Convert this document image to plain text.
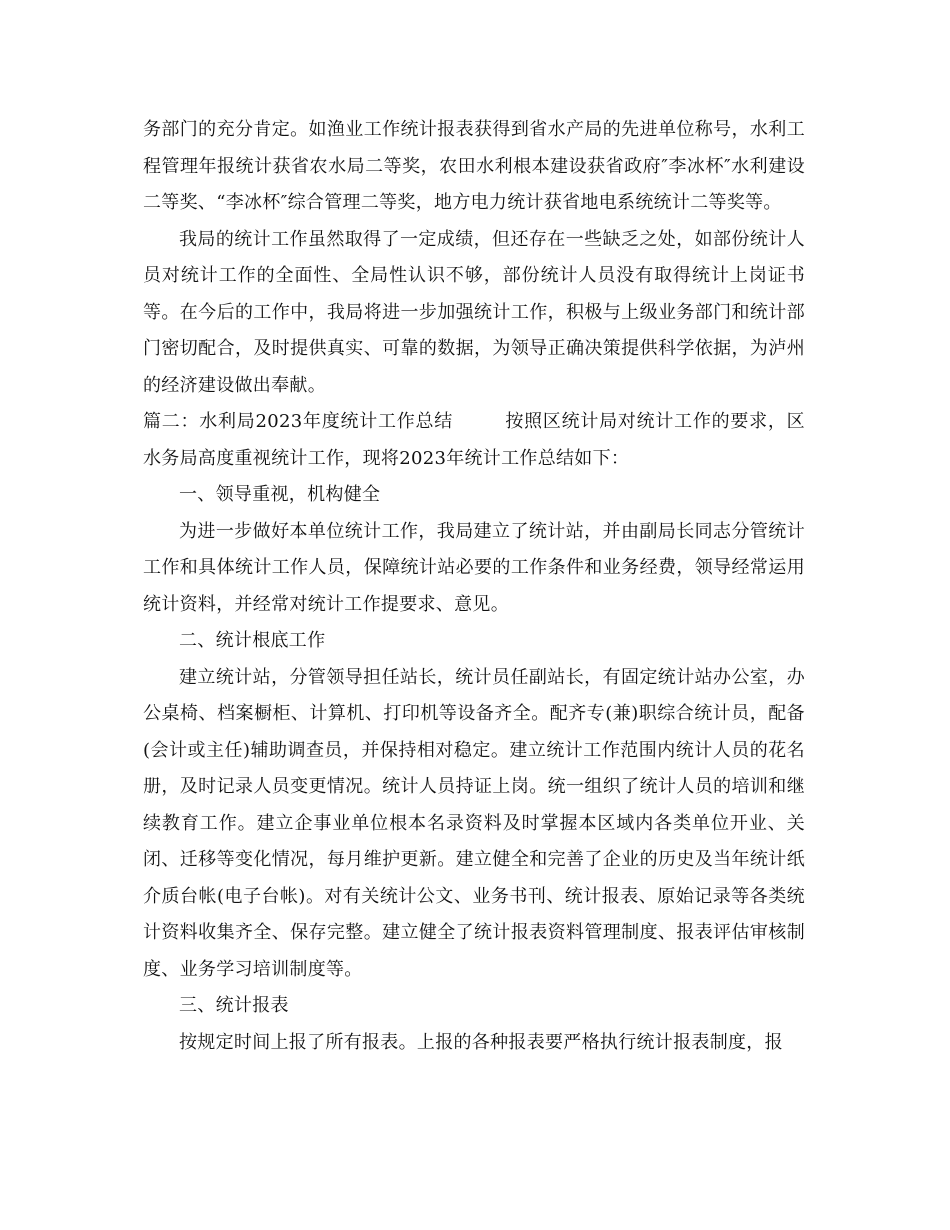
务部门的充分肯定。如渔业工作统计报表获得到省水产局的先进单位称号，水利工程管理年报统计获省农水局二等奖，农田水利根本建设获省政府″李冰杯″水利建设二等奖、“李冰杯″综合管理二等奖，地方电力统计获省地电系统统计二等奖等。

我局的统计工作虽然取得了一定成绩，但还存在一些缺乏之处，如部份统计人员对统计工作的全面性、全局性认识不够，部份统计人员没有取得统计上岗证书等。在今后的工作中，我局将进一步加强统计工作，积极与上级业务部门和统计部门密切配合，及时提供真实、可靠的数据，为领导正确决策提供科学依据，为泸州的经济建设做出奉献。

篇二：水利局2023年度统计工作总结	按照区统计局对统计工作的要求，区水务局高度重视统计工作，现将2023年统计工作总结如下：

一、领导重视，机构健全

为进一步做好本单位统计工作，我局建立了统计站，并由副局长同志分管统计工作和具体统计工作人员，保障统计站必要的工作条件和业务经费，领导经常运用统计资料，并经常对统计工作提要求、意见。

二、统计根底工作

建立统计站，分管领导担任站长，统计员任副站长，有固定统计站办公室，办公桌椅、档案橱柜、计算机、打印机等设备齐全。配齐专(兼)职综合统计员，配备(会计或主任)辅助调查员，并保持相对稳定。建立统计工作范围内统计人员的花名册，及时记录人员变更情况。统计人员持证上岗。统一组织了统计人员的培训和继续教育工作。建立企事业单位根本名录资料及时掌握本区域内各类单位开业、关闭、迁移等变化情况，每月维护更新。建立健全和完善了企业的历史及当年统计纸介质台帐(电子台帐)。对有关统计公文、业务书刊、统计报表、原始记录等各类统计资料收集齐全、保存完整。建立健全了统计报表资料管理制度、报表评估审核制度、业务学习培训制度等。

三、统计报表

按规定时间上报了所有报表。上报的各种报表要严格执行统计报表制度，报
